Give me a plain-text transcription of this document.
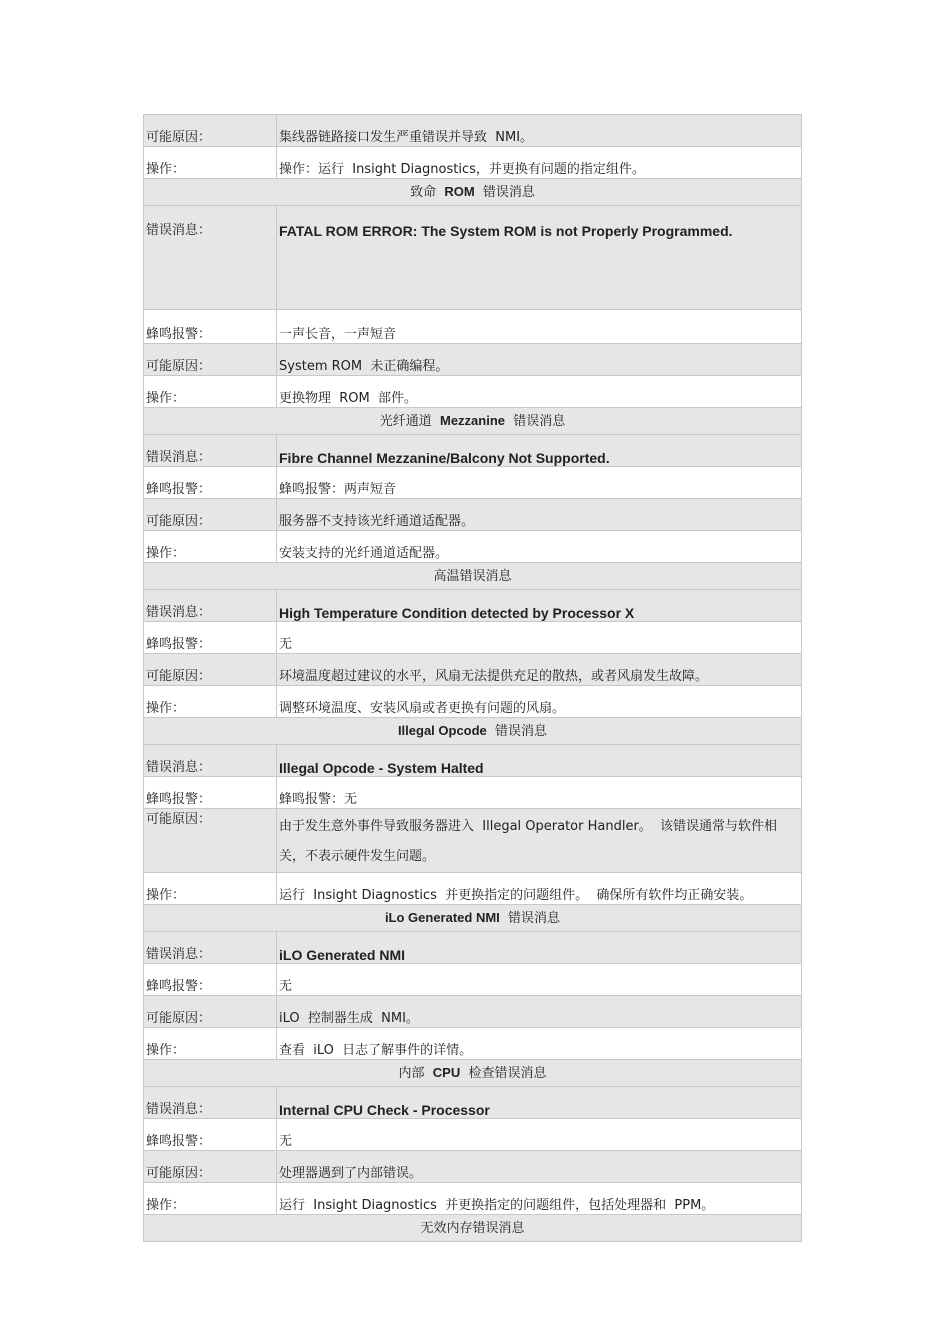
可能原因：	集线器链路接口发生严重错误并导致  NMI。
操作：	操作：运行  Insight Diagnostics，并更换有问题的指定组件。
致命  ROM  错误消息	
错误消息：	FATAL ROM ERROR: The System ROM is not Properly Programmed.
蜂鸣报警：	一声长音，一声短音
可能原因：	System ROM  未正确编程。
操作：	更换物理  ROM  部件。
光纤通道  Mezzanine  错误消息	
错误消息：	Fibre Channel Mezzanine/Balcony Not Supported.
蜂鸣报警：	蜂鸣报警：两声短音
可能原因：	服务器不支持该光纤通道适配器。
操作：	安装支持的光纤通道适配器。
高温错误消息	
错误消息：	High Temperature Condition detected by Processor X
蜂鸣报警：	无
可能原因：	环境温度超过建议的水平，风扇无法提供充足的散热，或者风扇发生故障。
操作：	调整环境温度、安装风扇或者更换有问题的风扇。
Illegal Opcode  错误消息	
错误消息：	Illegal Opcode - System Halted
蜂鸣报警：	蜂鸣报警：无
可能原因：	由于发生意外事件导致服务器进入  Illegal Operator Handler。  该错误通常与软件相关，不表示硬件发生问题。
操作：	运行  Insight Diagnostics  并更换指定的问题组件。  确保所有软件均正确安装。
iLo Generated NMI  错误消息	
错误消息：	iLO Generated NMI
蜂鸣报警：	无
可能原因：	iLO  控制器生成  NMI。
操作：	查看  iLO  日志了解事件的详情。
内部  CPU  检查错误消息	
错误消息：	Internal CPU Check - Processor
蜂鸣报警：	无
可能原因：	处理器遇到了内部错误。
操作：	运行  Insight Diagnostics  并更换指定的问题组件，包括处理器和  PPM。
无效内存错误消息	
